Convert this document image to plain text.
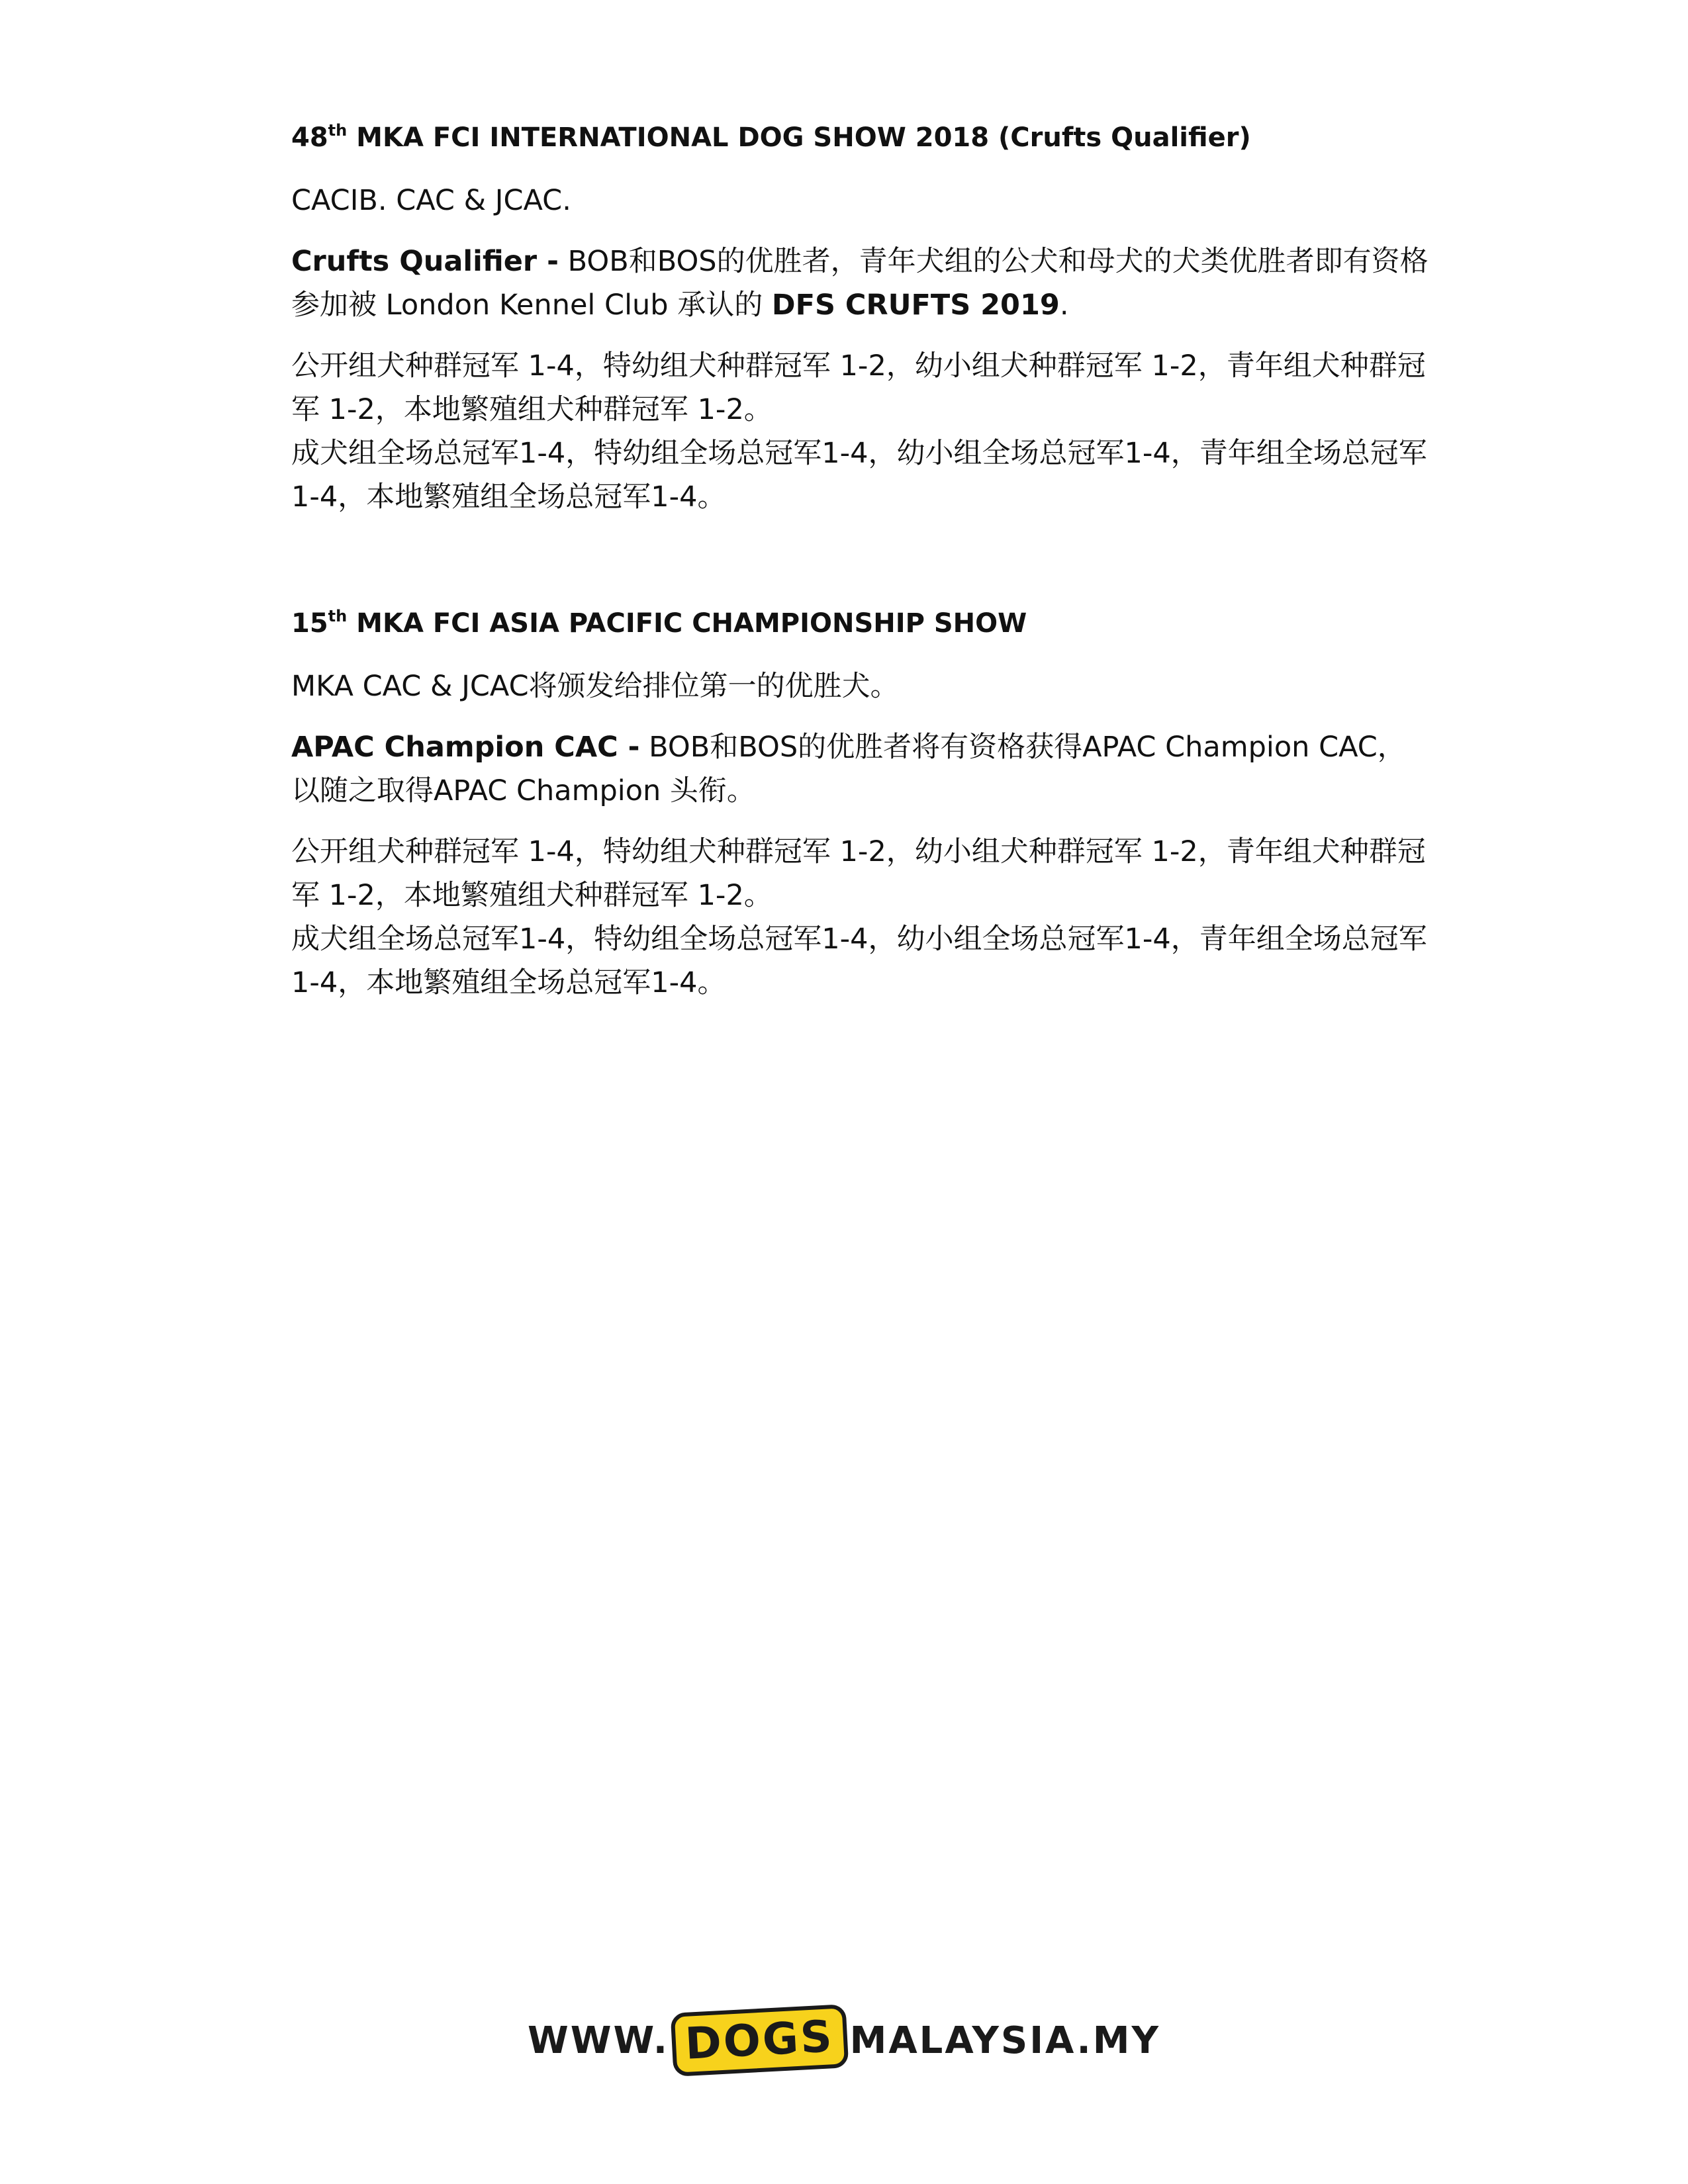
48th MKA FCI INTERNATIONAL DOG SHOW 2018 (Crufts Qualifier)

CACIB. CAC & JCAC.

Crufts Qualifier - BOB和BOS的优胜者，青年犬组的公犬和母犬的犬类优胜者即有资格参加被 London Kennel Club 承认的 DFS CRUFTS 2019.

公开组犬种群冠军 1-4，特幼组犬种群冠军 1-2，幼小组犬种群冠军 1-2，青年组犬种群冠军 1-2，本地繁殖组犬种群冠军 1-2。

成犬组全场总冠军1-4，特幼组全场总冠军1-4，幼小组全场总冠军1-4，青年组全场总冠军1-4，本地繁殖组全场总冠军1-4。

15th MKA FCI ASIA PACIFIC CHAMPIONSHIP SHOW

MKA CAC & JCAC将颁发给排位第一的优胜犬。

APAC Champion CAC - BOB和BOS的优胜者将有资格获得APAC Champion CAC，以随之取得APAC Champion 头衔。

公开组犬种群冠军 1-4，特幼组犬种群冠军 1-2，幼小组犬种群冠军 1-2，青年组犬种群冠军 1-2，本地繁殖组犬种群冠军 1-2。

成犬组全场总冠军1-4，特幼组全场总冠军1-4，幼小组全场总冠军1-4，青年组全场总冠军1-4，本地繁殖组全场总冠军1-4。

WWW. DOGS MALAYSIA.MY
